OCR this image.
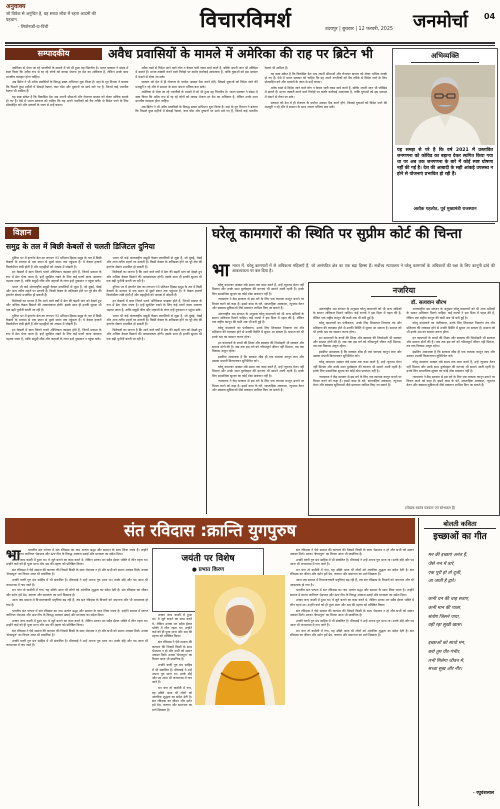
अनुवाक्य
जो विवेक से अनुचित है, वह सच्चा लोक में रहता आदमी की पहचान
- लियोनार्डो-दा-विंची	विचारविमर्श	उदयपुर | बुधवार | 12 फरवरी, 2025 जनमोर्चा 04
सम्पादकीय	अवैध प्रवासियों के मामले में अमेरिका की राह पर ब्रिटेन भी

अमेरिका से भेजा जा रहे भारतीयों के मामले में जो भी हुआ वह चिंतनीय है। भारत सरकार ने संसद में स्पष्ट किया कि अवैध रूप से रह रहे लोगों को वापस भेजना हर देश का अधिकार है, लेकिन उनके साथ मानवीय व्यवहार होना चाहिए।

अब ब्रिटेन ने भी अवैध प्रवासियों के विरुद्ध सख्त अभियान शुरू किया है। वहां के गृह विभाग ने बताया कि पिछले कुछ महीनों में सैकड़ों रेस्तरां, कार वॉश और दुकानों पर छापे मारे गए हैं, जिनमें कई भारतीय रेस्तरां भी शामिल हैं।

यह स्पष्ट संकेत है कि विकसित देश अब अपनी सीमाओं और रोजगार बाजार को लेकर अधिक सतर्क हो गए हैं। ऐसे में भारत सरकार को चाहिए कि वह अपने नागरिकों को वैध तरीके से विदेश जाने के लिए प्रोत्साहित करे और दलालों के जाल से उन्हें बचाए।

अवैध रास्ते से विदेश जाने वाले लोग न केवल भारी रकम खर्च करते हैं, बल्कि अपनी जान भी जोखिम में डालते हैं। मानव तस्करी करने वाले गिरोहों पर कठोर कार्रवाई आवश्यक है, ताकि युवाओं को इस दलदल में फंसने से रोका जा सके।

सरकार को देश में ही रोजगार के पर्याप्त अवसर पैदा करने होंगे, जिससे युवाओं को विदेश जाने की मजबूरी न रहे और वे सम्मान के साथ अपना भविष्य बना सकें।

अमेरिका से भेजा जा रहे भारतीयों के मामले में जो भी हुआ वह चिंतनीय है। भारत सरकार ने संसद में स्पष्ट किया कि अवैध रूप से रह रहे लोगों को वापस भेजना हर देश का अधिकार है, लेकिन उनके साथ मानवीय व्यवहार होना चाहिए।

अब ब्रिटेन ने भी अवैध प्रवासियों के विरुद्ध सख्त अभियान शुरू किया है। वहां के गृह विभाग ने बताया कि पिछले कुछ महीनों में सैकड़ों रेस्तरां, कार वॉश और दुकानों पर छापे मारे गए हैं, जिनमें कई भारतीय रेस्तरां भी शामिल हैं।

यह स्पष्ट संकेत है कि विकसित देश अब अपनी सीमाओं और रोजगार बाजार को लेकर अधिक सतर्क हो गए हैं। ऐसे में भारत सरकार को चाहिए कि वह अपने नागरिकों को वैध तरीके से विदेश जाने के लिए प्रोत्साहित करे और दलालों के जाल से उन्हें बचाए।

अवैध रास्ते से विदेश जाने वाले लोग न केवल भारी रकम खर्च करते हैं, बल्कि अपनी जान भी जोखिम में डालते हैं। मानव तस्करी करने वाले गिरोहों पर कठोर कार्रवाई आवश्यक है, ताकि युवाओं को इस दलदल में फंसने से रोका जा सके।

सरकार को देश में ही रोजगार के पर्याप्त अवसर पैदा करने होंगे, जिससे युवाओं को विदेश जाने की मजबूरी न रहे और वे सम्मान के साथ अपना भविष्य बना सकें।

अभिव्यक्ति
यह समझ से परे है कि वर्ष 2021 में प्रस्तावित जनगणना को कोविड का बहाना देकर स्थगित किया गया था पर अब तक जनगणना के बारे में कोई स्पष्ट घोषणा नहीं की गई है। देश की आबादी के सही आंकड़े उपलब्ध न होने से योजनाएं प्रभावित हो रही हैं।
अशोक गहलोत, पूर्व मुख्यमंत्री राजस्थान
विज्ञान
समुद्र के तल में बिछी केबलों से चलती डिजिटल दुनिया

दुनिया भर में इंटरनेट डेटा का लगभग 95 प्रतिशत हिस्सा समुद्र के तल में बिछी केबलों के माध्यम से एक स्थान से दूसरे स्थान तक पहुंचता है। ये केबल हजारों किलोमीटर लंबी होती हैं और महाद्वीपों को आपस में जोड़ती हैं।

इन केबलों में बाल जितने पतले ऑप्टिकल फाइबर होते हैं, जिनमें प्रकाश के रूप में डेटा भेजा जाता है। इन्हें सुरक्षित रखने के लिए कई परतों वाला आवरण चढ़ाया जाता है, ताकि समुद्री जीव और जहाजों के लंगर इन्हें नुकसान न पहुंचा सकें।

भारत भी कई अंतरराष्ट्रीय समुद्री केबल प्रणालियों से जुड़ा है, जो मुंबई, चेन्नई और अन्य तटीय शहरों पर उतरती हैं। किसी केबल के क्षतिग्रस्त होने पर पूरे क्षेत्र की इंटरनेट सेवाएं प्रभावित हो सकती हैं।

विशेषज्ञों का मानना है कि आने वाले वर्षों में डेटा की बढ़ती मांग को देखते हुए और अधिक केबल बिछाने की आवश्यकता होगी। इसके साथ ही इनकी सुरक्षा भी एक बड़ी चुनौती बनती जा रही है।

दुनिया भर में इंटरनेट डेटा का लगभग 95 प्रतिशत हिस्सा समुद्र के तल में बिछी केबलों के माध्यम से एक स्थान से दूसरे स्थान तक पहुंचता है। ये केबल हजारों किलोमीटर लंबी होती हैं और महाद्वीपों को आपस में जोड़ती हैं।

इन केबलों में बाल जितने पतले ऑप्टिकल फाइबर होते हैं, जिनमें प्रकाश के रूप में डेटा भेजा जाता है। इन्हें सुरक्षित रखने के लिए कई परतों वाला आवरण चढ़ाया जाता है, ताकि समुद्री जीव और जहाजों के लंगर इन्हें नुकसान न पहुंचा सकें।

भारत भी कई अंतरराष्ट्रीय समुद्री केबल प्रणालियों से जुड़ा है, जो मुंबई, चेन्नई और अन्य तटीय शहरों पर उतरती हैं। किसी केबल के क्षतिग्रस्त होने पर पूरे क्षेत्र की इंटरनेट सेवाएं प्रभावित हो सकती हैं।

विशेषज्ञों का मानना है कि आने वाले वर्षों में डेटा की बढ़ती मांग को देखते हुए और अधिक केबल बिछाने की आवश्यकता होगी। इसके साथ ही इनकी सुरक्षा भी एक बड़ी चुनौती बनती जा रही है।

दुनिया भर में इंटरनेट डेटा का लगभग 95 प्रतिशत हिस्सा समुद्र के तल में बिछी केबलों के माध्यम से एक स्थान से दूसरे स्थान तक पहुंचता है। ये केबल हजारों किलोमीटर लंबी होती हैं और महाद्वीपों को आपस में जोड़ती हैं।

इन केबलों में बाल जितने पतले ऑप्टिकल फाइबर होते हैं, जिनमें प्रकाश के रूप में डेटा भेजा जाता है। इन्हें सुरक्षित रखने के लिए कई परतों वाला आवरण चढ़ाया जाता है, ताकि समुद्री जीव और जहाजों के लंगर इन्हें नुकसान न पहुंचा सकें।

भारत भी कई अंतरराष्ट्रीय समुद्री केबल प्रणालियों से जुड़ा है, जो मुंबई, चेन्नई और अन्य तटीय शहरों पर उतरती हैं। किसी केबल के क्षतिग्रस्त होने पर पूरे क्षेत्र की इंटरनेट सेवाएं प्रभावित हो सकती हैं।

विशेषज्ञों का मानना है कि आने वाले वर्षों में डेटा की बढ़ती मांग को देखते हुए और अधिक केबल बिछाने की आवश्यकता होगी। इसके साथ ही इनकी सुरक्षा भी एक बड़ी चुनौती बनती जा रही है।

घरेलू कामगारों की स्थिति पर सुप्रीम कोर्ट की चिन्ता
भा भारत में, घरेलू कामगारों में से अधिकतर महिलाएँ हैं, जो असंगठित क्षेत्र का एक बड़ा हिस्सा हैं। सर्वोच्च न्यायालय ने घरेलू कामगारों के अधिकारों की रक्षा के लिए कानूनी ढांचे की आवश्यकता पर बल दिया है।

घरेलू कामगार अक्सर लंबे समय तक काम करते हैं, उन्हें न्यूनतम वेतन नहीं मिलता और उनके साथ दुर्व्यवहार की घटनाएं भी सामने आती रहती हैं। इनके लिए सामाजिक सुरक्षा का कोई ठोस प्रावधान नहीं है।

न्यायालय ने केंद्र सरकार से इस वर्ग के लिए एक व्यापक कानून बनाने पर विचार करने को कहा है। इसमें काम के घंटे, साप्ताहिक अवकाश, न्यूनतम वेतन और स्वास्थ्य सुविधाओं जैसे प्रावधान शामिल किए जा सकते हैं।

अंतरराष्ट्रीय श्रम संगठन के अनुसार घरेलू कामगारों को भी अन्य श्रमिकों के समान अधिकार मिलने चाहिए। कई राज्यों ने इस दिशा में पहल की है, लेकिन एक राष्ट्रीय कानून की कमी अब भी बनी हुई है।

घरेलू कामगारों का पंजीकरण, उनके लिए शिकायत निवारण तंत्र और प्रशिक्षण की व्यवस्था होने से उनकी स्थिति में सुधार आ सकता है। समाज को भी इनके श्रम का सम्मान करना होगा।

इन कामगारों के बच्चों की शिक्षा और स्वास्थ्य की जिम्मेदारी भी सरकार और समाज दोनों की है। जब तक इस वर्ग को गरिमापूर्ण जीवन नहीं मिलता, तब तक विकास अधूरा रहेगा।

इसलिए आवश्यक है कि सरकार शीघ्र ही एक व्यापक कानून लाए और उसका प्रभावी क्रियान्वयन सुनिश्चित करे।

घरेलू कामगार अक्सर लंबे समय तक काम करते हैं, उन्हें न्यूनतम वेतन नहीं मिलता और उनके साथ दुर्व्यवहार की घटनाएं भी सामने आती रहती हैं। इनके लिए सामाजिक सुरक्षा का कोई ठोस प्रावधान नहीं है।

न्यायालय ने केंद्र सरकार से इस वर्ग के लिए एक व्यापक कानून बनाने पर विचार करने को कहा है। इसमें काम के घंटे, साप्ताहिक अवकाश, न्यूनतम वेतन और स्वास्थ्य सुविधाओं जैसे प्रावधान शामिल किए जा सकते हैं।

नजरिया
डॉ. सत्यवान सौरभ

अंतरराष्ट्रीय श्रम संगठन के अनुसार घरेलू कामगारों को भी अन्य श्रमिकों के समान अधिकार मिलने चाहिए। कई राज्यों ने इस दिशा में पहल की है, लेकिन एक राष्ट्रीय कानून की कमी अब भी बनी हुई है।

घरेलू कामगारों का पंजीकरण, उनके लिए शिकायत निवारण तंत्र और प्रशिक्षण की व्यवस्था होने से उनकी स्थिति में सुधार आ सकता है। समाज को भी इनके श्रम का सम्मान करना होगा।

इन कामगारों के बच्चों की शिक्षा और स्वास्थ्य की जिम्मेदारी भी सरकार और समाज दोनों की है। जब तक इस वर्ग को गरिमापूर्ण जीवन नहीं मिलता, तब तक विकास अधूरा रहेगा।

इसलिए आवश्यक है कि सरकार शीघ्र ही एक व्यापक कानून लाए और उसका प्रभावी क्रियान्वयन सुनिश्चित करे।

घरेलू कामगार अक्सर लंबे समय तक काम करते हैं, उन्हें न्यूनतम वेतन नहीं मिलता और उनके साथ दुर्व्यवहार की घटनाएं भी सामने आती रहती हैं। इनके लिए सामाजिक सुरक्षा का कोई ठोस प्रावधान नहीं है।

न्यायालय ने केंद्र सरकार से इस वर्ग के लिए एक व्यापक कानून बनाने पर विचार करने को कहा है। इसमें काम के घंटे, साप्ताहिक अवकाश, न्यूनतम वेतन और स्वास्थ्य सुविधाओं जैसे प्रावधान शामिल किए जा सकते हैं।

अंतरराष्ट्रीय श्रम संगठन के अनुसार घरेलू कामगारों को भी अन्य श्रमिकों के समान अधिकार मिलने चाहिए। कई राज्यों ने इस दिशा में पहल की है, लेकिन एक राष्ट्रीय कानून की कमी अब भी बनी हुई है।

घरेलू कामगारों का पंजीकरण, उनके लिए शिकायत निवारण तंत्र और प्रशिक्षण की व्यवस्था होने से उनकी स्थिति में सुधार आ सकता है। समाज को भी इनके श्रम का सम्मान करना होगा।

इन कामगारों के बच्चों की शिक्षा और स्वास्थ्य की जिम्मेदारी भी सरकार और समाज दोनों की है। जब तक इस वर्ग को गरिमापूर्ण जीवन नहीं मिलता, तब तक विकास अधूरा रहेगा।

इसलिए आवश्यक है कि सरकार शीघ्र ही एक व्यापक कानून लाए और उसका प्रभावी क्रियान्वयन सुनिश्चित करे।

घरेलू कामगार अक्सर लंबे समय तक काम करते हैं, उन्हें न्यूनतम वेतन नहीं मिलता और उनके साथ दुर्व्यवहार की घटनाएं भी सामने आती रहती हैं। इनके लिए सामाजिक सुरक्षा का कोई ठोस प्रावधान नहीं है।

न्यायालय ने केंद्र सरकार से इस वर्ग के लिए एक व्यापक कानून बनाने पर विचार करने को कहा है। इसमें काम के घंटे, साप्ताहिक अवकाश, न्यूनतम वेतन और स्वास्थ्य सुविधाओं जैसे प्रावधान शामिल किए जा सकते हैं।

(लेखक स्वतंत्र पत्रकार एवं स्तंभकार हैं)
संत रविदास :क्रान्ति युगपुरुष
भा	भारतीय संत परंपरा में संत रविदास का नाम अत्यंत श्रद्धा और सम्मान के साथ लिया जाता है। उन्होंने समाज में व्याप्त जातिगत भेदभाव और ऊंच-नीच के विरुद्ध आवाज उठाई और मानवता का संदेश दिया।

उनका जन्म काशी में हुआ था। वे जूते बनाने का काम करते थे, लेकिन उनका मन सदैव ईश्वर भक्ति में लीन रहता था। उन्होंने कर्म को ही पूजा माना और श्रम की महत्ता को प्रतिष्ठित किया।

संत रविदास ने ऐसे समाज की कल्पना की जिसमें किसी के साथ भेदभाव न हो और सभी को समान अवसर मिले। उनका 'बेगमपुरा' का विचार आज भी प्रासंगिक है।

उनकी वाणी गुरु ग्रंथ साहिब में भी संकलित है। मीराबाई ने उन्हें अपना गुरु माना था। उनके दोहे और पद आज भी जनमानस में गाए जाते हैं।

मन चंगा तो कठौती में गंगा, यह उक्ति आज भी लोगों को आंतरिक शुद्धता का संदेश देती है। संत रविदास का जीवन और दर्शन हमें प्रेम, करुणा और समानता का मार्ग दिखाता है।

आज जब समाज में विभाजनकारी प्रवृत्तियां बढ़ रही हैं, तब संत रविदास के विचारों को अपनाना और भी आवश्यक हो गया है।

भारतीय संत परंपरा में संत रविदास का नाम अत्यंत श्रद्धा और सम्मान के साथ लिया जाता है। उन्होंने समाज में व्याप्त जातिगत भेदभाव और ऊंच-नीच के विरुद्ध आवाज उठाई और मानवता का संदेश दिया।

उनका जन्म काशी में हुआ था। वे जूते बनाने का काम करते थे, लेकिन उनका मन सदैव ईश्वर भक्ति में लीन रहता था। उन्होंने कर्म को ही पूजा माना और श्रम की महत्ता को प्रतिष्ठित किया।

संत रविदास ने ऐसे समाज की कल्पना की जिसमें किसी के साथ भेदभाव न हो और सभी को समान अवसर मिले। उनका 'बेगमपुरा' का विचार आज भी प्रासंगिक है।

उनकी वाणी गुरु ग्रंथ साहिब में भी संकलित है। मीराबाई ने उन्हें अपना गुरु माना था। उनके दोहे और पद आज भी जनमानस में गाए जाते हैं।

जयंती पर विशेष
● प्रभात किरण

उनका जन्म काशी में हुआ था। वे जूते बनाने का काम करते थे, लेकिन उनका मन सदैव ईश्वर भक्ति में लीन रहता था। उन्होंने कर्म को ही पूजा माना और श्रम की महत्ता को प्रतिष्ठित किया।

संत रविदास ने ऐसे समाज की कल्पना की जिसमें किसी के साथ भेदभाव न हो और सभी को समान अवसर मिले। उनका 'बेगमपुरा' का विचार आज भी प्रासंगिक है।

उनकी वाणी गुरु ग्रंथ साहिब में भी संकलित है। मीराबाई ने उन्हें अपना गुरु माना था। उनके दोहे और पद आज भी जनमानस में गाए जाते हैं।

मन चंगा तो कठौती में गंगा, यह उक्ति आज भी लोगों को आंतरिक शुद्धता का संदेश देती है। संत रविदास का जीवन और दर्शन हमें प्रेम, करुणा और समानता का मार्ग दिखाता है।

संत रविदास ने ऐसे समाज की कल्पना की जिसमें किसी के साथ भेदभाव न हो और सभी को समान अवसर मिले। उनका 'बेगमपुरा' का विचार आज भी प्रासंगिक है।

उनकी वाणी गुरु ग्रंथ साहिब में भी संकलित है। मीराबाई ने उन्हें अपना गुरु माना था। उनके दोहे और पद आज भी जनमानस में गाए जाते हैं।

मन चंगा तो कठौती में गंगा, यह उक्ति आज भी लोगों को आंतरिक शुद्धता का संदेश देती है। संत रविदास का जीवन और दर्शन हमें प्रेम, करुणा और समानता का मार्ग दिखाता है।

आज जब समाज में विभाजनकारी प्रवृत्तियां बढ़ रही हैं, तब संत रविदास के विचारों को अपनाना और भी आवश्यक हो गया है।

भारतीय संत परंपरा में संत रविदास का नाम अत्यंत श्रद्धा और सम्मान के साथ लिया जाता है। उन्होंने समाज में व्याप्त जातिगत भेदभाव और ऊंच-नीच के विरुद्ध आवाज उठाई और मानवता का संदेश दिया।

उनका जन्म काशी में हुआ था। वे जूते बनाने का काम करते थे, लेकिन उनका मन सदैव ईश्वर भक्ति में लीन रहता था। उन्होंने कर्म को ही पूजा माना और श्रम की महत्ता को प्रतिष्ठित किया।

संत रविदास ने ऐसे समाज की कल्पना की जिसमें किसी के साथ भेदभाव न हो और सभी को समान अवसर मिले। उनका 'बेगमपुरा' का विचार आज भी प्रासंगिक है।

उनकी वाणी गुरु ग्रंथ साहिब में भी संकलित है। मीराबाई ने उन्हें अपना गुरु माना था। उनके दोहे और पद आज भी जनमानस में गाए जाते हैं।

मन चंगा तो कठौती में गंगा, यह उक्ति आज भी लोगों को आंतरिक शुद्धता का संदेश देती है। संत रविदास का जीवन और दर्शन हमें प्रेम, करुणा और समानता का मार्ग दिखाता है।

बोलती कविता
इच्छाओं का गीत
मन की इच्छाएं अनंत हैं,
जैसे नभ में तारे,
एक पूरी हो तो दूजी,
आ जाती है द्वारे।
कभी धन की चाह सताए,
कभी मान की प्यास,
संतोष जिसने पाया,
वही रहा सुखी खास।
इच्छाओं को साधो मन,
बनो तुम धीर-गंभीर,
तभी मिलेगा जीवन में,
सच्चा सुख और नीर।
- रघुवंशलाल
